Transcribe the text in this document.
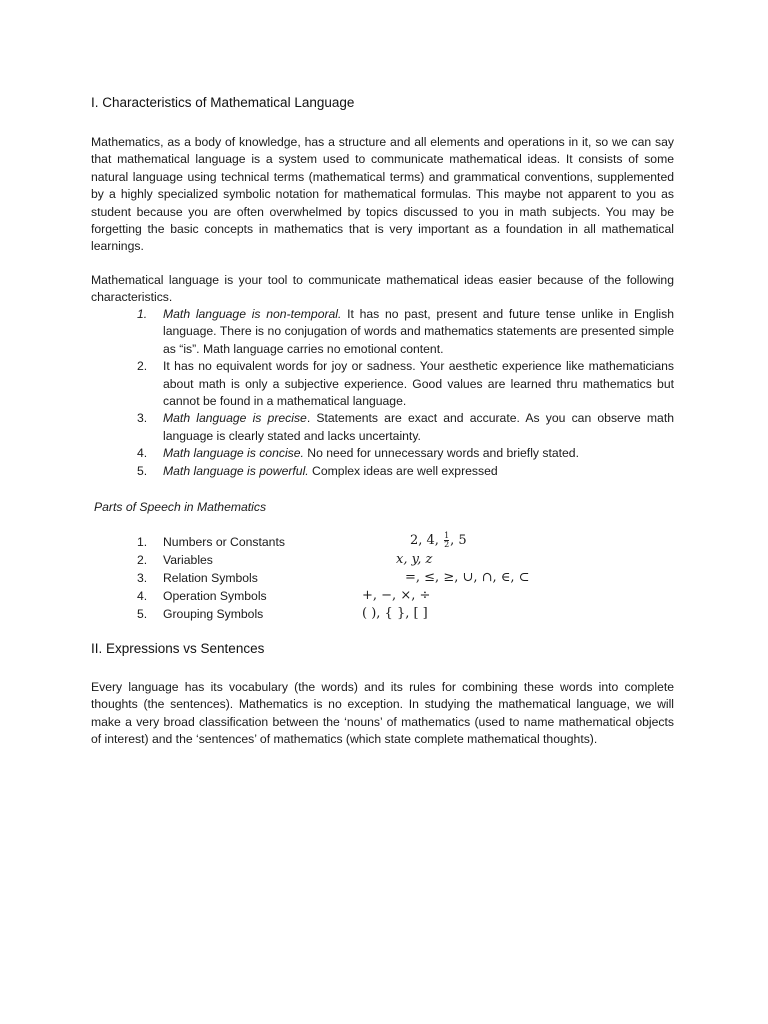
I. Characteristics of Mathematical Language

Mathematics, as a body of knowledge, has a structure and all elements and operations in it, so we can say that mathematical language is a system used to communicate mathematical ideas. It consists of some natural language using technical terms (mathematical terms) and grammatical conventions, supplemented by a highly specialized symbolic notation for mathematical formulas. This maybe not apparent to you as student because you are often overwhelmed by topics discussed to you in math subjects. You may be forgetting the basic concepts in mathematics that is very important as a foundation in all mathematical learnings.

Mathematical language is your tool to communicate mathematical ideas easier because of the following characteristics.

1. Math language is non-temporal. It has no past, present and future tense unlike in English language. There is no conjugation of words and mathematics statements are presented simple as “is”. Math language carries no emotional content.
2. It has no equivalent words for joy or sadness. Your aesthetic experience like mathematicians about math is only a subjective experience. Good values are learned thru mathematics but cannot be found in a mathematical language.
3. Math language is precise. Statements are exact and accurate. As you can observe math language is clearly stated and lacks uncertainty.
4. Math language is concise. No need for unnecessary words and briefly stated.
5. Math language is powerful. Complex ideas are well expressed

Parts of Speech in Mathematics

1. Numbers or Constants	2, 4, $\frac{1}{2}$ , 5
2. Variables	x, y, z
3. Relation Symbols	=, ≤, ≥, ∪, ∩, ∈, ⊂
4. Operation Symbols	+, −, ×, ÷
5. Grouping Symbols	( ), { }, [ ]
II. Expressions vs Sentences

Every language has its vocabulary (the words) and its rules for combining these words into complete thoughts (the sentences). Mathematics is no exception. In studying the mathematical language, we will make a very broad classification between the ‘nouns’ of mathematics (used to name mathematical objects of interest) and the ‘sentences’ of mathematics (which state complete mathematical thoughts).
